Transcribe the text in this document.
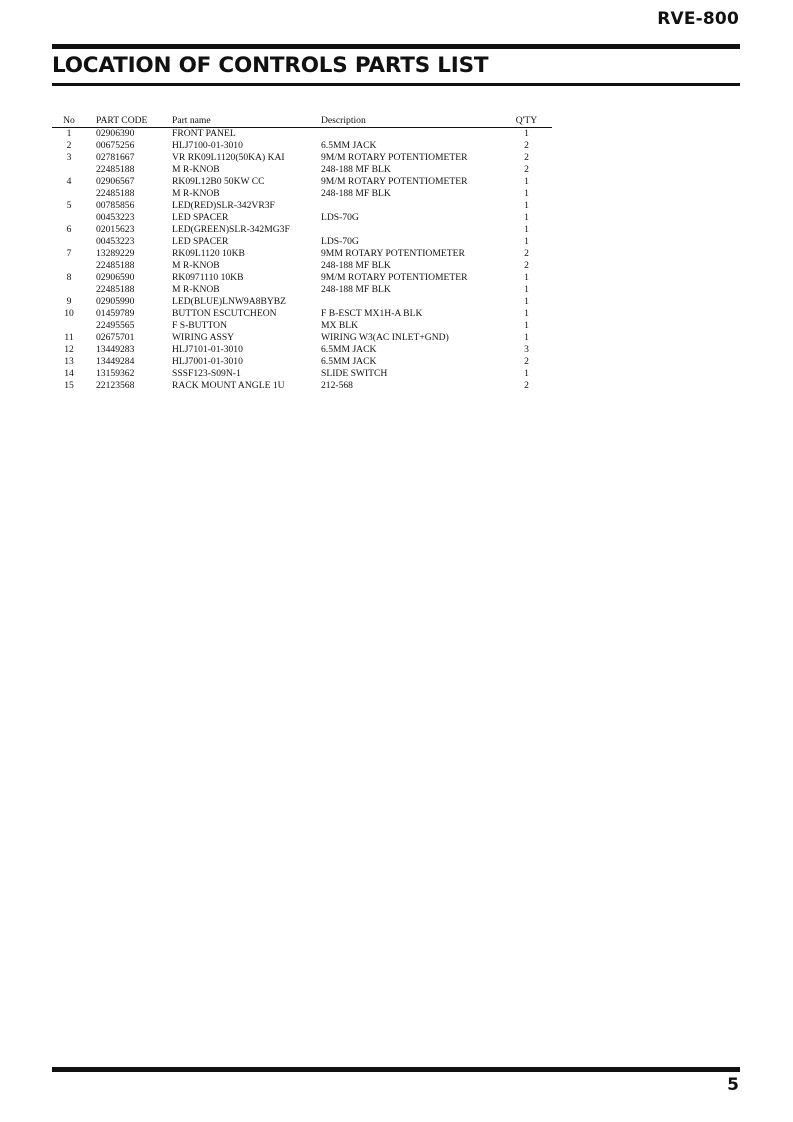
RVE-800
LOCATION OF CONTROLS PARTS LIST
No	PART CODE	Part name	Description	Q'TY
1	02906390	FRONT PANEL		1
2	00675256	HLJ7100-01-3010	6.5MM JACK	2
3	02781667	VR RK09L1120(50KA) KAI	9M/M ROTARY POTENTIOMETER	2
	22485188	M R-KNOB	248-188 MF BLK	2
4	02906567	RK09L12B0 50KW CC	9M/M ROTARY POTENTIOMETER	1
	22485188	M R-KNOB	248-188 MF BLK	1
5	00785856	LED(RED)SLR-342VR3F		1
	00453223	LED SPACER	LDS-70G	1
6	02015623	LED(GREEN)SLR-342MG3F		1
	00453223	LED SPACER	LDS-70G	1
7	13289229	RK09L1120 10KB	9MM ROTARY POTENTIOMETER	2
	22485188	M R-KNOB	248-188 MF BLK	2
8	02906590	RK0971110 10KB	9M/M ROTARY POTENTIOMETER	1
	22485188	M R-KNOB	248-188 MF BLK	1
9	02905990	LED(BLUE)LNW9A8BYBZ		1
10	01459789	BUTTON ESCUTCHEON	F B-ESCT MX1H-A BLK	1
	22495565	F S-BUTTON	MX BLK	1
11	02675701	WIRING ASSY	WIRING W3(AC INLET+GND)	1
12	13449283	HLJ7101-01-3010	6.5MM JACK	3
13	13449284	HLJ7001-01-3010	6.5MM JACK	2
14	13159362	SSSF123-S09N-1	SLIDE SWITCH	1
15	22123568	RACK MOUNT ANGLE 1U	212-568	2
5
